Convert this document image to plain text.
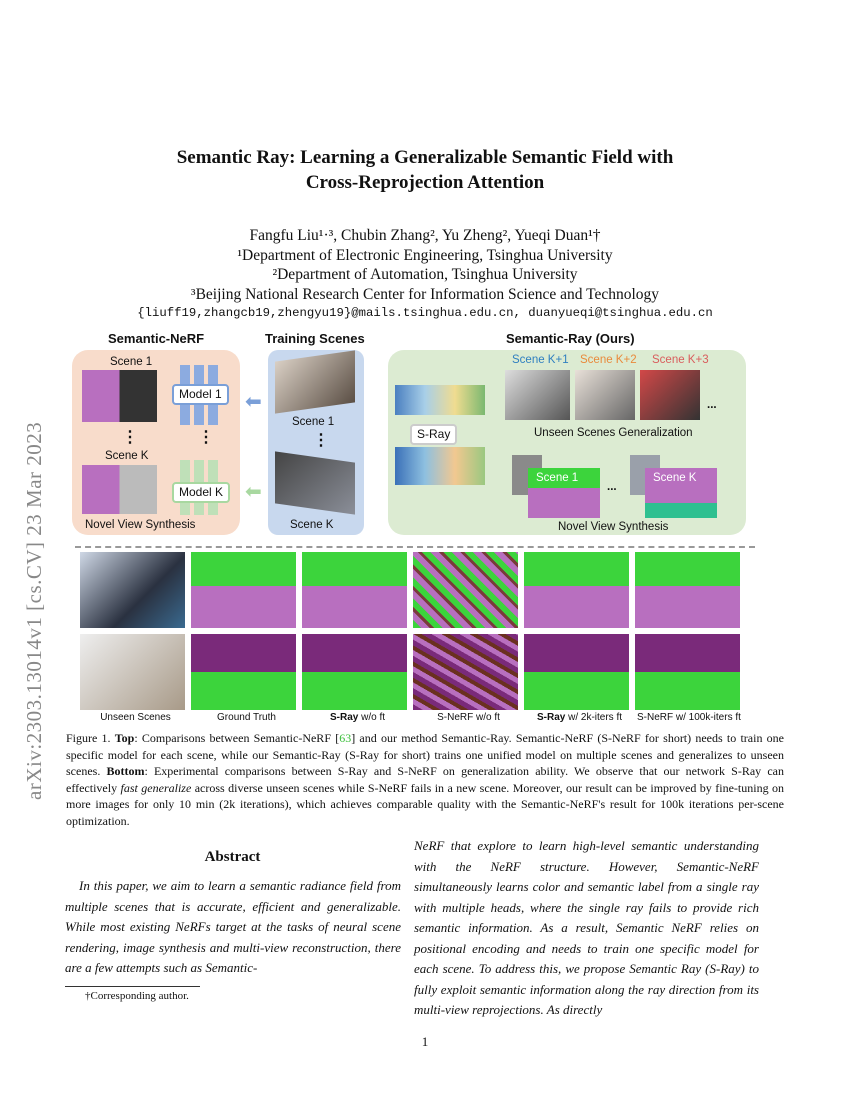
arXiv:2303.13014v1 [cs.CV] 23 Mar 2023
Semantic Ray: Learning a Generalizable Semantic Field with
Cross-Reprojection Attention
Fangfu Liu¹·³, Chubin Zhang², Yu Zheng², Yueqi Duan¹†
¹Department of Electronic Engineering, Tsinghua University
²Department of Automation, Tsinghua University
³Beijing National Research Center for Information Science and Technology
{liuff19,zhangcb19,zhengyu19}@mails.tsinghua.edu.cn, duanyueqi@tsinghua.edu.cn
Semantic-NeRF	Training Scenes	Semantic-Ray (Ours)
Scene 1
Model 1
⋮	⋮
Scene K
Model K
Novel View Synthesis
Scene 1
⋮
Scene K
⬅
⬅
S-Ray
Scene K+1 Scene K+2 Scene K+3
...
Unseen Scenes Generalization
Scene 1
...
Scene K
Novel View Synthesis
Unseen Scenes	Ground Truth	S-Ray w/o ft	S-NeRF w/o ft	S-Ray w/ 2k-iters ft	S-NeRF w/ 100k-iters ft
Figure 1. Top: Comparisons between Semantic-NeRF [63] and our method Semantic-Ray. Semantic-NeRF (S-NeRF for short) needs to train one specific model for each scene, while our Semantic-Ray (S-Ray for short) trains one unified model on multiple scenes and generalizes to unseen scenes. Bottom: Experimental comparisons between S-Ray and S-NeRF on generalization ability. We observe that our network S-Ray can effectively fast generalize across diverse unseen scenes while S-NeRF fails in a new scene. Moreover, our result can be improved by fine-tuning on more images for only 10 min (2k iterations), which achieves comparable quality with the Semantic-NeRF's result for 100k iterations per-scene optimization.
Abstract
In this paper, we aim to learn a semantic radiance field from multiple scenes that is accurate, efficient and generalizable. While most existing NeRFs target at the tasks of neural scene rendering, image synthesis and multi-view reconstruction, there are a few attempts such as Semantic-
†Corresponding author.
NeRF that explore to learn high-level semantic understanding with the NeRF structure. However, Semantic-NeRF simultaneously learns color and semantic label from a single ray with multiple heads, where the single ray fails to provide rich semantic information. As a result, Semantic NeRF relies on positional encoding and needs to train one specific model for each scene. To address this, we propose Semantic Ray (S-Ray) to fully exploit semantic information along the ray direction from its multi-view reprojections. As directly
1
